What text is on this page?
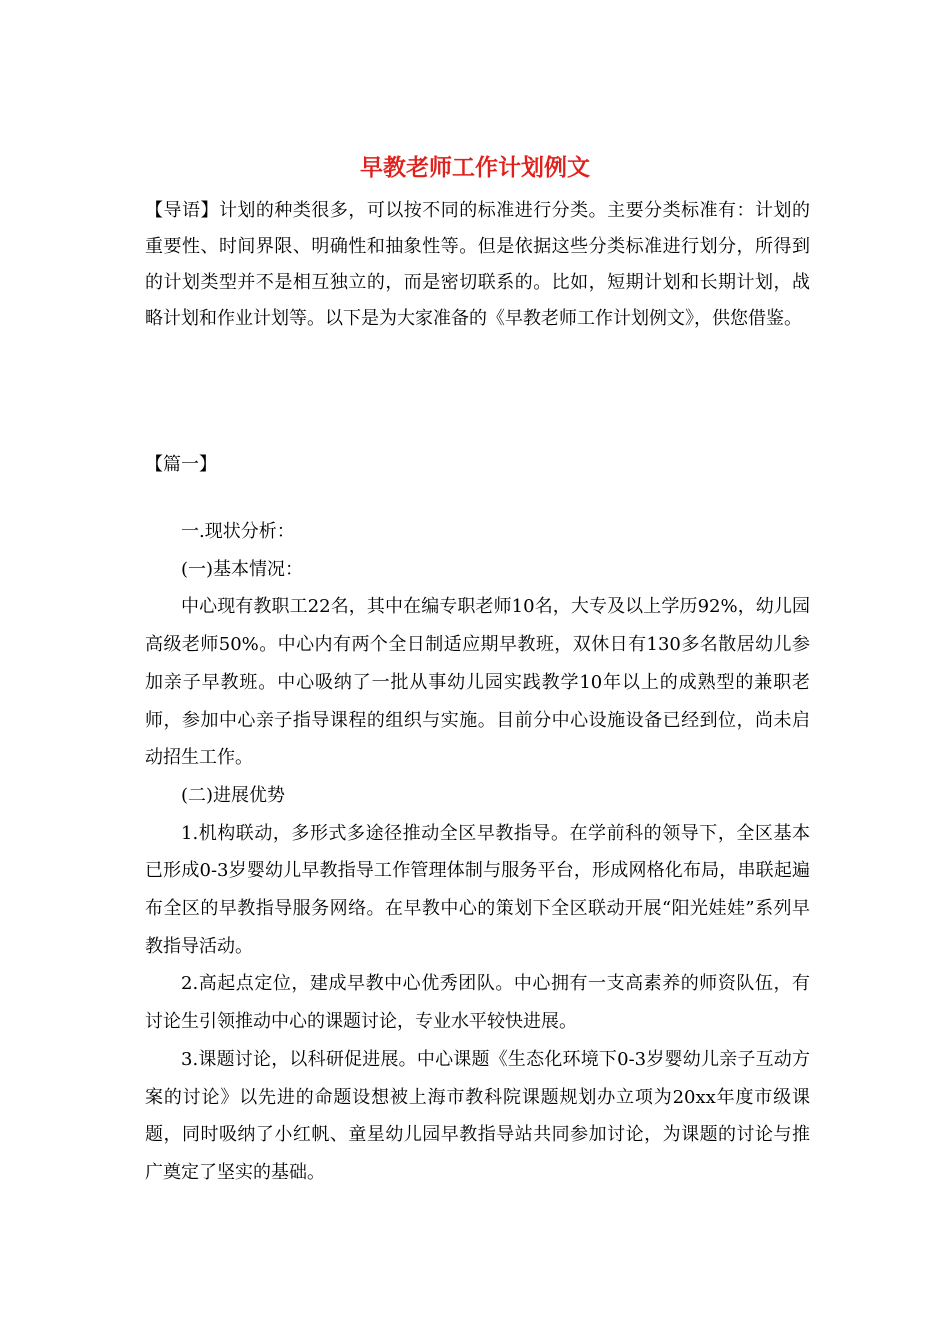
早教老师工作计划例文

【导语】计划的种类很多，可以按不同的标准进行分类。主要分类标准有：计划的重要性、时间界限、明确性和抽象性等。但是依据这些分类标准进行划分，所得到的计划类型并不是相互独立的，而是密切联系的。比如，短期计划和长期计划，战略计划和作业计划等。以下是为大家准备的《早教老师工作计划例文》，供您借鉴。

【篇一】

一.现状分析：

(一)基本情况：

中心现有教职工22名，其中在编专职老师10名，大专及以上学历92%，幼儿园高级老师50%。中心内有两个全日制适应期早教班，双休日有130多名散居幼儿参加亲子早教班。中心吸纳了一批从事幼儿园实践教学10年以上的成熟型的兼职老师，参加中心亲子指导课程的组织与实施。目前分中心设施设备已经到位，尚未启动招生工作。

(二)进展优势

1.机构联动，多形式多途径推动全区早教指导。在学前科的领导下，全区基本已形成0-3岁婴幼儿早教指导工作管理体制与服务平台，形成网格化布局，串联起遍布全区的早教指导服务网络。在早教中心的策划下全区联动开展“阳光娃娃”系列早教指导活动。

2.高起点定位，建成早教中心优秀团队。中心拥有一支高素养的师资队伍，有讨论生引领推动中心的课题讨论，专业水平较快进展。

3.课题讨论，以科研促进展。中心课题《生态化环境下0-3岁婴幼儿亲子互动方案的讨论》以先进的命题设想被上海市教科院课题规划办立项为20xx年度市级课题，同时吸纳了小红帆、童星幼儿园早教指导站共同参加讨论，为课题的讨论与推广奠定了坚实的基础。
